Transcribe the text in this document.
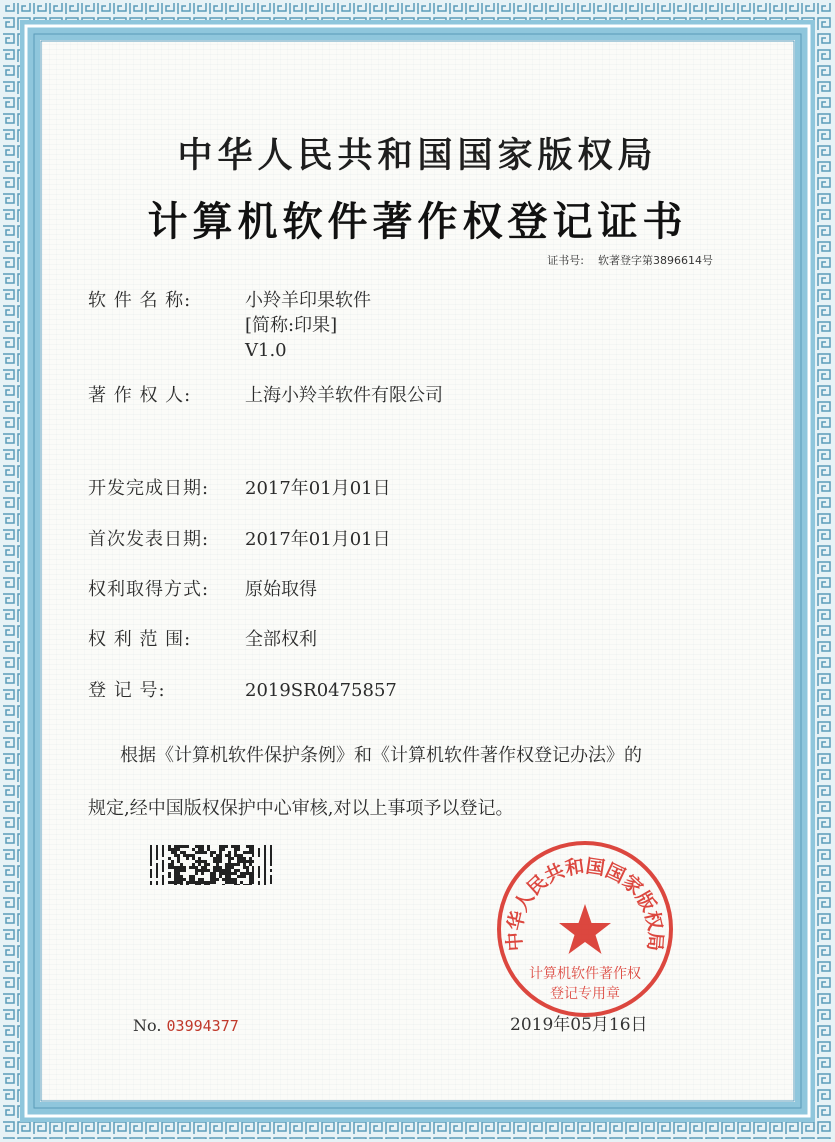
中华人民共和国国家版权局
计算机软件著作权登记证书
证书号: 软著登字第3896614号
软 件 名 称:	小羚羊印果软件
[简称:印果]
V1.0
著 作 权 人:	上海小羚羊软件有限公司
开发完成日期: 2017年01月01日
首次发表日期: 2017年01月01日
权利取得方式: 原始取得
权 利 范 围:	全部权利
登 记 号:	2019SR0475857
根据《计算机软件保护条例》和《计算机软件著作权登记办法》的
规定,经中国版权保护中心审核,对以上事项予以登记。
No. 03994377	2019年05月16日
中华人民共和国国家版权局
计算机软件著作权
登记专用章
